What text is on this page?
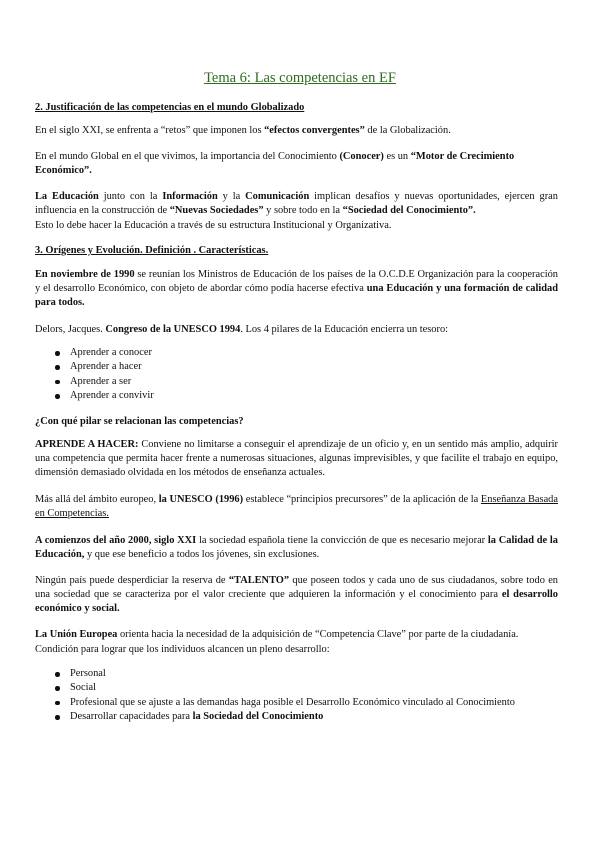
Tema 6: Las competencias en EF

2. Justificación de las competencias en el mundo Globalizado

En el siglo XXI, se enfrenta a “retos” que imponen los “efectos convergentes” de la Globalización.

En el mundo Global en el que vivimos, la importancia del Conocimiento (Conocer) es un “Motor de Crecimiento Económico”.

La Educación junto con la Información y la Comunicación implican desafíos y nuevas oportunidades, ejercen gran influencia en la construcción de “Nuevas Sociedades” y sobre todo en la “Sociedad del Conocimiento”.

Esto lo debe hacer la Educación a través de su estructura Institucional y Organizativa.

3. Orígenes y Evolución. Definición . Características.

En noviembre de 1990 se reunían los Ministros de Educación de los países de la O.C.D.E Organización para la cooperación y el desarrollo Económico, con objeto de abordar cómo podía hacerse efectiva una Educación y una formación de calidad para todos.

Delors, Jacques. Congreso de la UNESCO 1994. Los 4 pilares de la Educación encierra un tesoro:

Aprender a conocer
Aprender a hacer
Aprender a ser
Aprender a convivir

¿Con qué pilar se relacionan las competencias?

APRENDE A HACER: Conviene no limitarse a conseguir el aprendizaje de un oficio y, en un sentido más amplio, adquirir una competencia que permita hacer frente a numerosas situaciones, algunas imprevisibles, y que facilite el trabajo en equipo, dimensión demasiado olvidada en los métodos de enseñanza actuales.

Más allá del ámbito europeo, la UNESCO (1996) establece “principios precursores” de la aplicación de la Enseñanza Basada en Competencias.

A comienzos del año 2000, siglo XXI la sociedad española tiene la convicción de que es necesario mejorar la Calidad de la Educación, y que ese beneficio a todos los jóvenes, sin exclusiones.

Ningún país puede desperdiciar la reserva de “TALENTO” que poseen todos y cada uno de sus ciudadanos, sobre todo en una sociedad que se caracteriza por el valor creciente que adquieren la información y el conocimiento para el desarrollo económico y social.

La Unión Europea orienta hacia la necesidad de la adquisición de “Competencia Clave” por parte de la ciudadanía.

Condición para lograr que los individuos alcancen un pleno desarrollo:

Personal
Social
Profesional que se ajuste a las demandas haga posible el Desarrollo Económico vinculado al Conocimiento
Desarrollar capacidades para la Sociedad del Conocimiento
